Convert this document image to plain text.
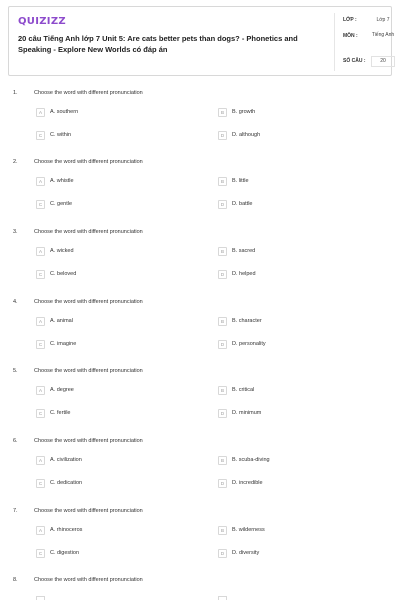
QUIZIZZ
20 câu Tiếng Anh lớp 7 Unit 5: Are cats better pets than dogs? - Phonetics and Speaking - Explore New Worlds có đáp án
LỚP :	Lớp 7
MÔN :	Tiếng Anh
SỐ CÂU :	20
1.	Choose the word with different pronunciation
A	A. southern	B	B. growth
C	C. within	D	D. although
2.	Choose the word with different pronunciation
A	A. whistle	B	B. little
C	C. gentle	D	D. battle
3.	Choose the word with different pronunciation
A	A. wicked	B	B. sacred
C	C. beloved	D	D. helped
4.	Choose the word with different pronunciation
A	A. animal	B	B. character
C	C. imagine	D	D. personality
5.	Choose the word with different pronunciation
A	A. degree	B	B. critical
C	C. fertile	D	D. minimum
6.	Choose the word with different pronunciation
A	A. civilization	B	B. scuba-diving
C	C. dedication	D	D. incredible
7.	Choose the word with different pronunciation
A	A. rhinoceros	B	B. wilderness
C	C. digestion	D	D. diversity
8.	Choose the word with different pronunciation
